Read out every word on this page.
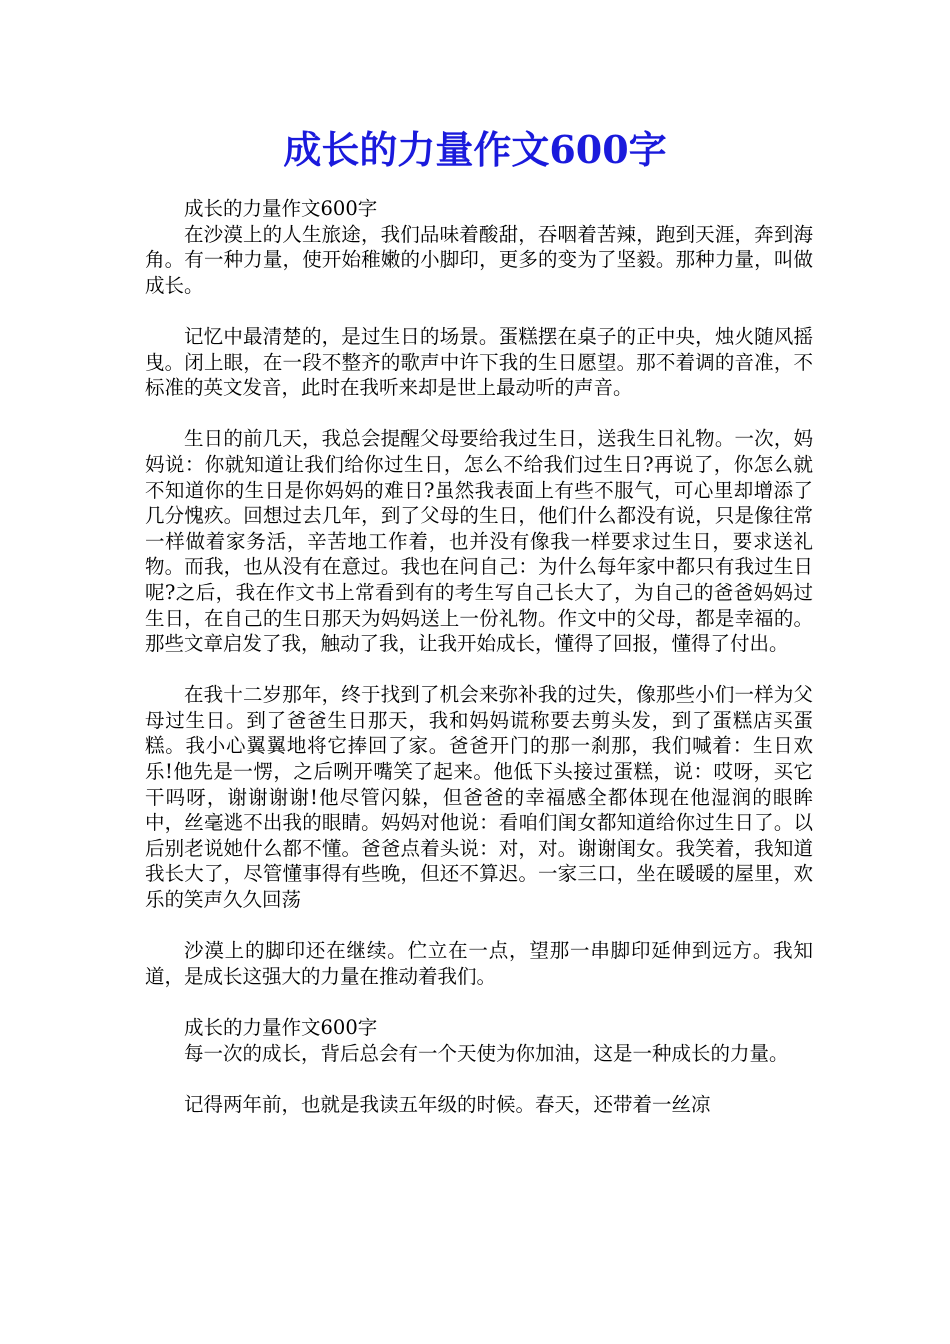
成长的力量作文600字

成长的力量作文600字

在沙漠上的人生旅途，我们品味着酸甜，吞咽着苦辣，跑到天涯，奔到海角。有一种力量，使开始稚嫩的小脚印，更多的变为了坚毅。那种力量，叫做成长。

记忆中最清楚的，是过生日的场景。蛋糕摆在桌子的正中央，烛火随风摇曳。闭上眼，在一段不整齐的歌声中许下我的生日愿望。那不着调的音准，不标准的英文发音，此时在我听来却是世上最动听的声音。

生日的前几天，我总会提醒父母要给我过生日，送我生日礼物。一次，妈妈说：你就知道让我们给你过生日，怎么不给我们过生日?再说了，你怎么就不知道你的生日是你妈妈的难日?虽然我表面上有些不服气，可心里却增添了几分愧疚。回想过去几年，到了父母的生日，他们什么都没有说，只是像往常一样做着家务活，辛苦地工作着，也并没有像我一样要求过生日，要求送礼物。而我，也从没有在意过。我也在问自己：为什么每年家中都只有我过生日呢?之后，我在作文书上常看到有的考生写自己长大了，为自己的爸爸妈妈过生日，在自己的生日那天为妈妈送上一份礼物。作文中的父母，都是幸福的。那些文章启发了我，触动了我，让我开始成长，懂得了回报，懂得了付出。

在我十二岁那年，终于找到了机会来弥补我的过失，像那些小们一样为父母过生日。到了爸爸生日那天，我和妈妈谎称要去剪头发，到了蛋糕店买蛋糕。我小心翼翼地将它捧回了家。爸爸开门的那一刹那，我们喊着：生日欢乐!他先是一愣，之后咧开嘴笑了起来。他低下头接过蛋糕，说：哎呀，买它干吗呀，谢谢谢谢!他尽管闪躲，但爸爸的幸福感全都体现在他湿润的眼眸中，丝毫逃不出我的眼睛。妈妈对他说：看咱们闺女都知道给你过生日了。以后别老说她什么都不懂。爸爸点着头说：对，对。谢谢闺女。我笑着，我知道我长大了，尽管懂事得有些晚，但还不算迟。一家三口，坐在暖暖的屋里，欢乐的笑声久久回荡

沙漠上的脚印还在继续。伫立在一点，望那一串脚印延伸到远方。我知道，是成长这强大的力量在推动着我们。

成长的力量作文600字

每一次的成长，背后总会有一个天使为你加油，这是一种成长的力量。

记得两年前，也就是我读五年级的时候。春天，还带着一丝凉
